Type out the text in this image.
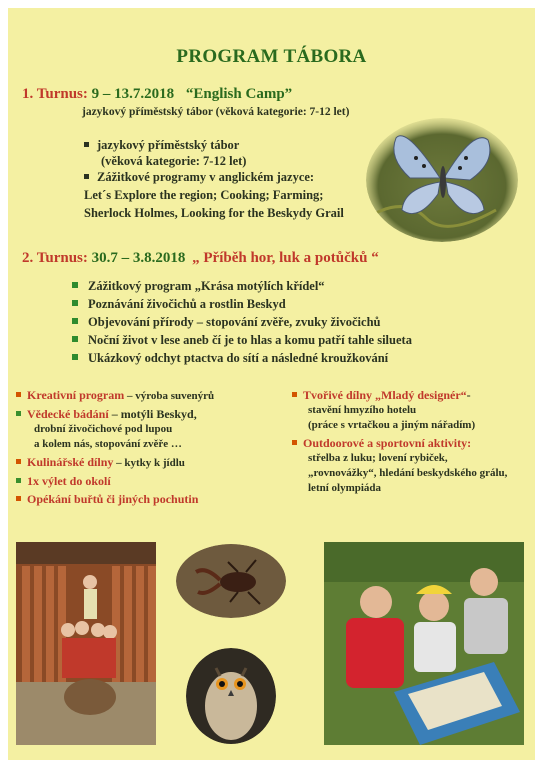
PROGRAM TÁBORA
1. Turnus: 9 – 13.7.2018 “English Camp”
jazykový příměstský tábor (věková kategorie: 7-12 let)
jazykový příměstský tábor
(věková kategorie: 7-12 let)
Zážitkové programy v anglickém jazyce:
Let´s Explore the region; Cooking; Farming;
Sherlock Holmes, Looking for the Beskydy Grail
2. Turnus: 30.7 – 3.8.2018 „ Příběh hor, luk a potůčků “
Zážitkový program „Krása motýlích křídel“
Poznávání živočichů a rostlin Beskyd
Objevování přírody – stopování zvěře, zvuky živočichů
Noční život v lese aneb čí je to hlas a komu patří tahle silueta
Ukázkový odchyt ptactva do sítí a následné kroužkování
Kreativní program – výroba suvenýrů
Vědecké bádání – motýli Beskyd,
drobní živočichové pod lupou
a kolem nás, stopování zvěře …
Kulinářské dílny – kytky k jídlu
1x výlet do okolí
Opékání buřtů či jiných pochutin
Tvořivé dílny „Mladý designér“-
stavění hmyzího hotelu
(práce s vrtačkou a jiným nářadím)
Outdoorové a sportovní aktivity:
střelba z luku; lovení rybiček,
„rovnovážky“, hledání beskydského grálu,
letní olympiáda
